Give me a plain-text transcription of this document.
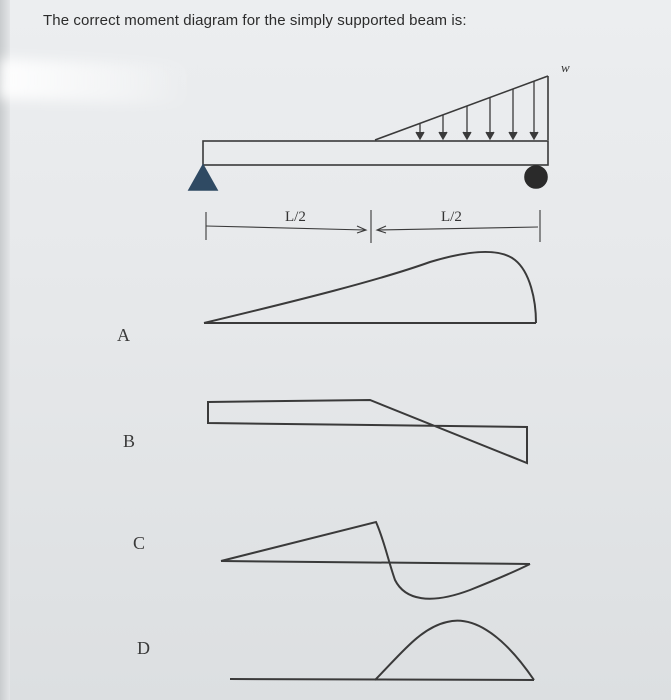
The correct moment diagram for the simply supported beam is:
w
L/2	L/2
A
B
C
D
